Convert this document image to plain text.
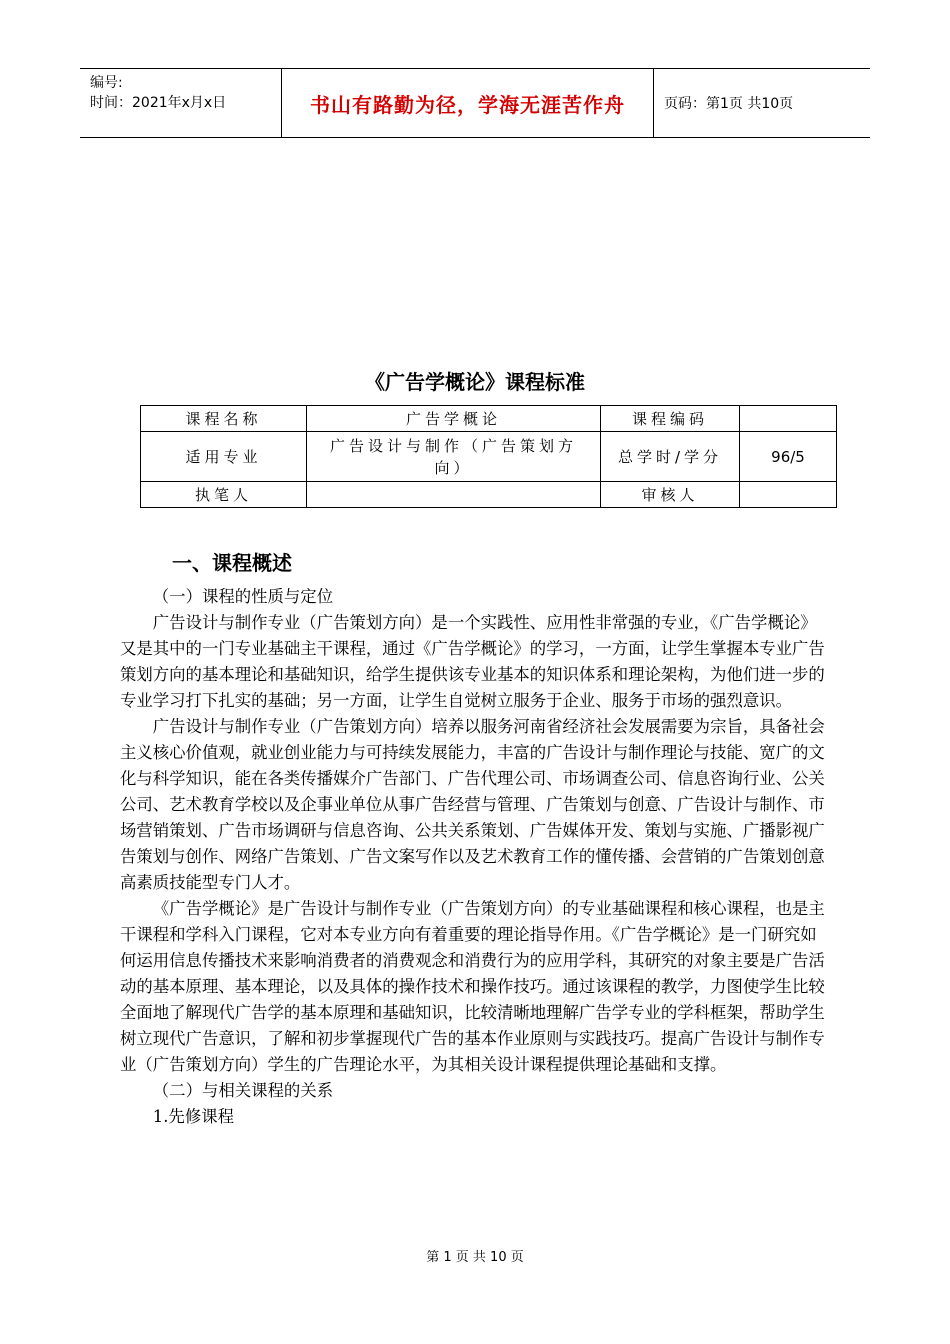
编号:
时间：2021年x月x日	书山有路勤为径，学海无涯苦作舟	页码：第1页 共10页
《广告学概论》课程标准
课程名称	广告学概论	课程编码	
适用专业	广告设计与制作（广告策划方向）	总学时/学分	96/5
执笔人		审核人	
一、课程概述

（一）课程的性质与定位

广告设计与制作专业（广告策划方向）是一个实践性、应用性非常强的专业，《广告学概论》又是其中的一门专业基础主干课程，通过《广告学概论》的学习，一方面，让学生掌握本专业广告策划方向的基本理论和基础知识，给学生提供该专业基本的知识体系和理论架构，为他们进一步的专业学习打下扎实的基础；另一方面，让学生自觉树立服务于企业、服务于市场的强烈意识。

广告设计与制作专业（广告策划方向）培养以服务河南省经济社会发展需要为宗旨，具备社会主义核心价值观，就业创业能力与可持续发展能力，丰富的广告设计与制作理论与技能、宽广的文化与科学知识，能在各类传播媒介广告部门、广告代理公司、市场调查公司、信息咨询行业、公关公司、艺术教育学校以及企事业单位从事广告经营与管理、广告策划与创意、广告设计与制作、市场营销策划、广告市场调研与信息咨询、公共关系策划、广告媒体开发、策划与实施、广播影视广告策划与创作、网络广告策划、广告文案写作以及艺术教育工作的懂传播、会营销的广告策划创意高素质技能型专门人才。

《广告学概论》是广告设计与制作专业（广告策划方向）的专业基础课程和核心课程，也是主干课程和学科入门课程，它对本专业方向有着重要的理论指导作用。《广告学概论》是一门研究如何运用信息传播技术来影响消费者的消费观念和消费行为的应用学科，其研究的对象主要是广告活动的基本原理、基本理论，以及具体的操作技术和操作技巧。通过该课程的教学，力图使学生比较全面地了解现代广告学的基本原理和基础知识，比较清晰地理解广告学专业的学科框架，帮助学生树立现代广告意识，了解和初步掌握现代广告的基本作业原则与实践技巧。提高广告设计与制作专业（广告策划方向）学生的广告理论水平，为其相关设计课程提供理论基础和支撑。

（二）与相关课程的关系

1.先修课程

第 1 页 共 10 页
